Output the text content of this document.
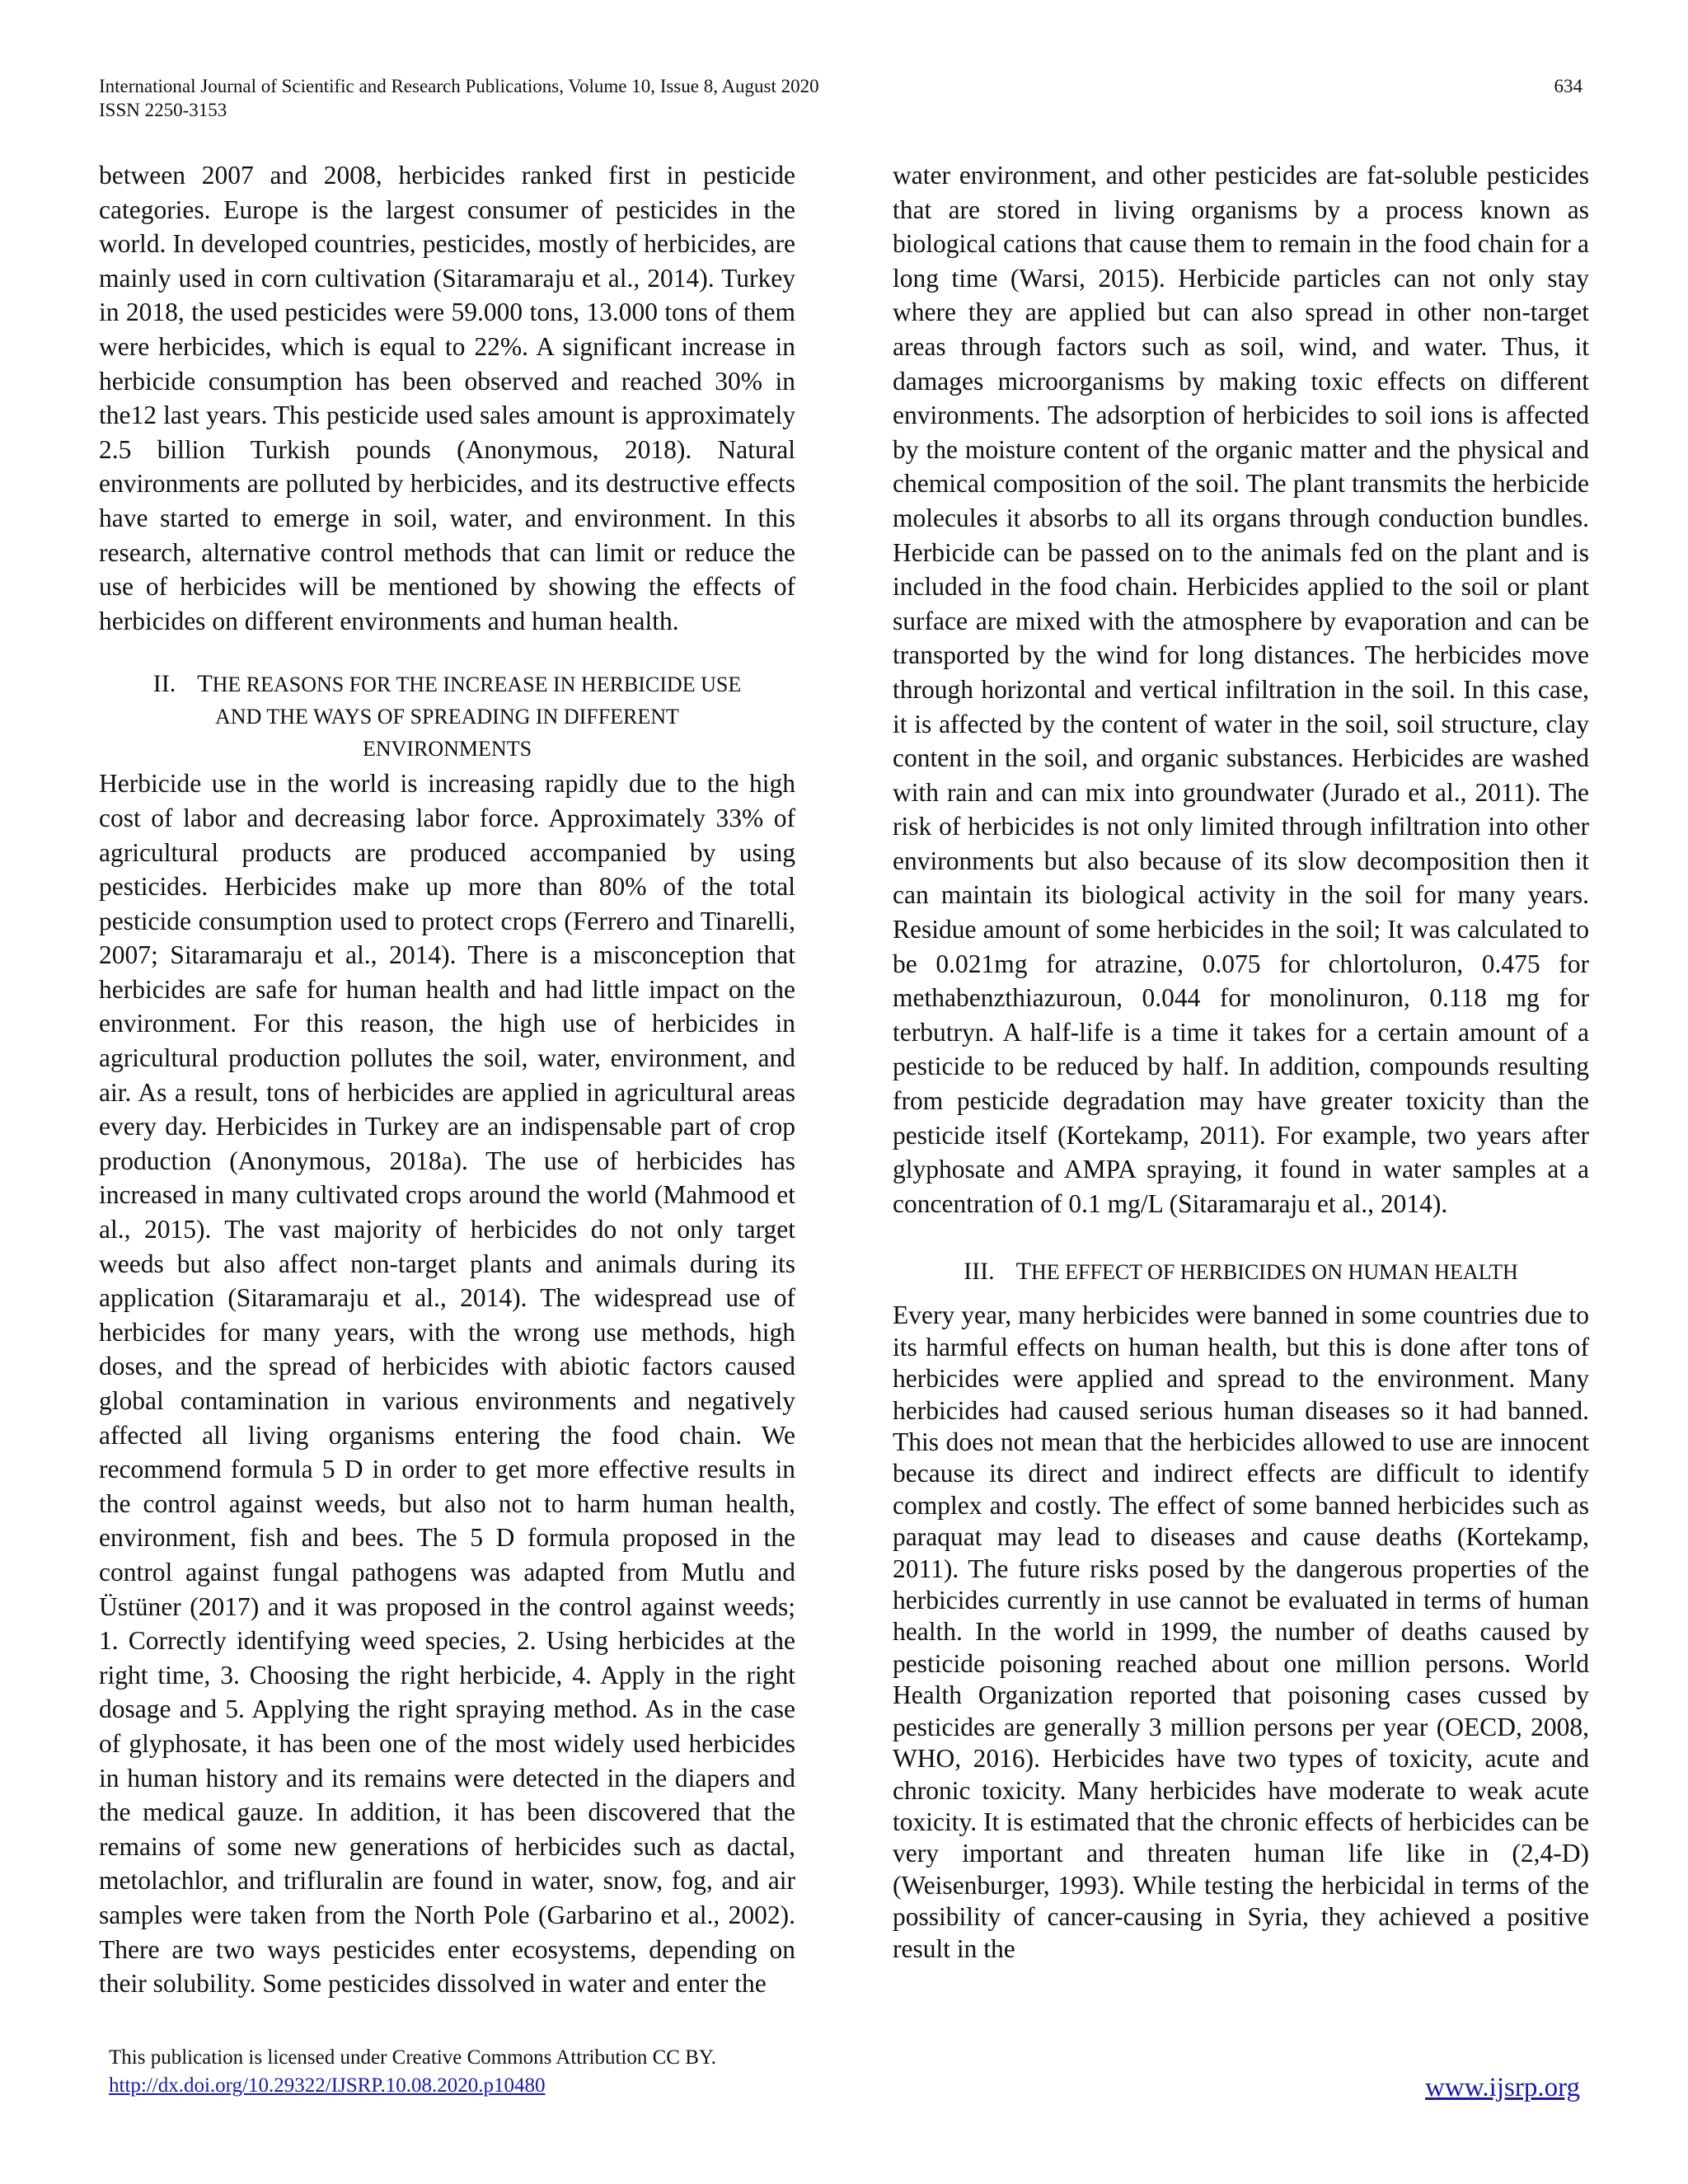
International Journal of Scientific and Research Publications, Volume 10, Issue 8, August 2020
ISSN 2250-3153
634

between 2007 and 2008, herbicides ranked first in pesticide categories. Europe is the largest consumer of pesticides in the world. In developed countries, pesticides, mostly of herbicides, are mainly used in corn cultivation (Sitaramaraju et al., 2014). Turkey in 2018, the used pesticides were 59.000 tons, 13.000 tons of them were herbicides, which is equal to 22%. A significant increase in herbicide consumption has been observed and reached 30% in the12 last years. This pesticide used sales amount is approximately 2.5 billion Turkish pounds (Anonymous, 2018). Natural environments are polluted by herbicides, and its destructive effects have started to emerge in soil, water, and environment. In this research, alternative control methods that can limit or reduce the use of herbicides will be mentioned by showing the effects of herbicides on different environments and human health.

II. THE REASONS FOR THE INCREASE IN HERBICIDE USE
AND THE WAYS OF SPREADING IN DIFFERENT
ENVIRONMENTS

Herbicide use in the world is increasing rapidly due to the high cost of labor and decreasing labor force. Approximately 33% of agricultural products are produced accompanied by using pesticides. Herbicides make up more than 80% of the total pesticide consumption used to protect crops (Ferrero and Tinarelli, 2007; Sitaramaraju et al., 2014). There is a misconception that herbicides are safe for human health and had little impact on the environment. For this reason, the high use of herbicides in agricultural production pollutes the soil, water, environment, and air. As a result, tons of herbicides are applied in agricultural areas every day. Herbicides in Turkey are an indispensable part of crop production (Anonymous, 2018a). The use of herbicides has increased in many cultivated crops around the world (Mahmood et al., 2015). The vast majority of herbicides do not only target weeds but also affect non-target plants and animals during its application (Sitaramaraju et al., 2014). The widespread use of herbicides for many years, with the wrong use methods, high doses, and the spread of herbicides with abiotic factors caused global contamination in various environments and negatively affected all living organisms entering the food chain. We recommend formula 5 D in order to get more effective results in the control against weeds, but also not to harm human health, environment, fish and bees. The 5 D formula proposed in the control against fungal pathogens was adapted from Mutlu and Üstüner (2017) and it was proposed in the control against weeds; 1. Correctly identifying weed species, 2. Using herbicides at the right time, 3. Choosing the right herbicide, 4. Apply in the right dosage and 5. Applying the right spraying method. As in the case of glyphosate, it has been one of the most widely used herbicides in human history and its remains were detected in the diapers and the medical gauze. In addition, it has been discovered that the remains of some new generations of herbicides such as dactal, metolachlor, and trifluralin are found in water, snow, fog, and air samples were taken from the North Pole (Garbarino et al., 2002). There are two ways pesticides enter ecosystems, depending on their solubility. Some pesticides dissolved in water and enter the

water environment, and other pesticides are fat-soluble pesticides that are stored in living organisms by a process known as biological cations that cause them to remain in the food chain for a long time (Warsi, 2015). Herbicide particles can not only stay where they are applied but can also spread in other non-target areas through factors such as soil, wind, and water. Thus, it damages microorganisms by making toxic effects on different environments. The adsorption of herbicides to soil ions is affected by the moisture content of the organic matter and the physical and chemical composition of the soil. The plant transmits the herbicide molecules it absorbs to all its organs through conduction bundles. Herbicide can be passed on to the animals fed on the plant and is included in the food chain. Herbicides applied to the soil or plant surface are mixed with the atmosphere by evaporation and can be transported by the wind for long distances. The herbicides move through horizontal and vertical infiltration in the soil. In this case, it is affected by the content of water in the soil, soil structure, clay content in the soil, and organic substances. Herbicides are washed with rain and can mix into groundwater (Jurado et al., 2011). The risk of herbicides is not only limited through infiltration into other environments but also because of its slow decomposition then it can maintain its biological activity in the soil for many years. Residue amount of some herbicides in the soil; It was calculated to be 0.021mg for atrazine, 0.075 for chlortoluron, 0.475 for methabenzthiazuroun, 0.044 for monolinuron, 0.118 mg for terbutryn. A half-life is a time it takes for a certain amount of a pesticide to be reduced by half. In addition, compounds resulting from pesticide degradation may have greater toxicity than the pesticide itself (Kortekamp, 2011). For example, two years after glyphosate and AMPA spraying, it found in water samples at a concentration of 0.1 mg/L (Sitaramaraju et al., 2014).

III. THE EFFECT OF HERBICIDES ON HUMAN HEALTH

Every year, many herbicides were banned in some countries due to its harmful effects on human health, but this is done after tons of herbicides were applied and spread to the environment. Many herbicides had caused serious human diseases so it had banned. This does not mean that the herbicides allowed to use are innocent because its direct and indirect effects are difficult to identify complex and costly. The effect of some banned herbicides such as paraquat may lead to diseases and cause deaths (Kortekamp, 2011). The future risks posed by the dangerous properties of the herbicides currently in use cannot be evaluated in terms of human health. In the world in 1999, the number of deaths caused by pesticide poisoning reached about one million persons. World Health Organization reported that poisoning cases cussed by pesticides are generally 3 million persons per year (OECD, 2008, WHO, 2016). Herbicides have two types of toxicity, acute and chronic toxicity. Many herbicides have moderate to weak acute toxicity. It is estimated that the chronic effects of herbicides can be very important and threaten human life like in (2,4-D) (Weisenburger, 1993). While testing the herbicidal in terms of the possibility of cancer-causing in Syria, they achieved a positive result in the

This publication is licensed under Creative Commons Attribution CC BY.
http://dx.doi.org/10.29322/IJSRP.10.08.2020.p10480	www.ijsrp.org
